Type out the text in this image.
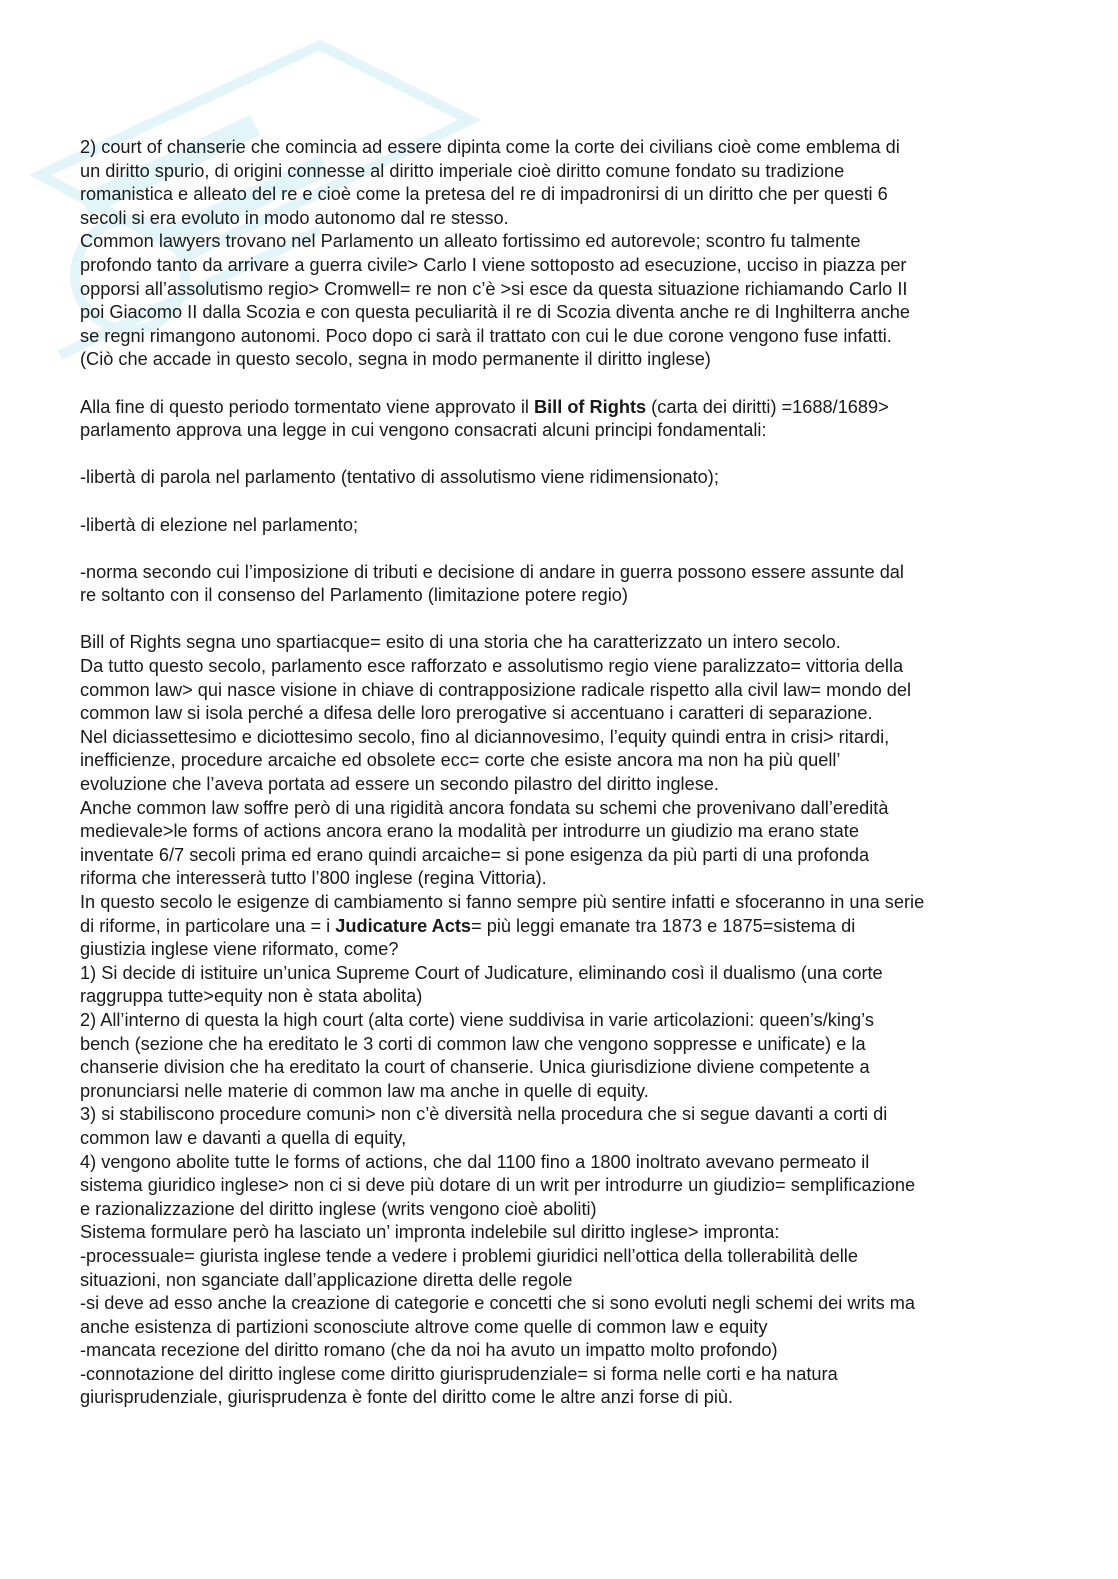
2) court of chanserie che comincia ad essere dipinta come la corte dei civilians cioè come emblema di
un diritto spurio, di origini connesse al diritto imperiale cioè diritto comune fondato su tradizione
romanistica e alleato del re e cioè come la pretesa del re di impadronirsi di un diritto che per questi 6
secoli si era evoluto in modo autonomo dal re stesso.
Common lawyers trovano nel Parlamento un alleato fortissimo ed autorevole; scontro fu talmente
profondo tanto da arrivare a guerra civile> Carlo I viene sottoposto ad esecuzione, ucciso in piazza per
opporsi all’assolutismo regio> Cromwell= re non c’è >si esce da questa situazione richiamando Carlo II
poi Giacomo II dalla Scozia e con questa peculiarità il re di Scozia diventa anche re di Inghilterra anche
se regni rimangono autonomi. Poco dopo ci sarà il trattato con cui le due corone vengono fuse infatti.
(Ciò che accade in questo secolo, segna in modo permanente il diritto inglese)
Alla fine di questo periodo tormentato viene approvato il Bill of Rights (carta dei diritti) =1688/1689>
parlamento approva una legge in cui vengono consacrati alcuni principi fondamentali:
-libertà di parola nel parlamento (tentativo di assolutismo viene ridimensionato);
-libertà di elezione nel parlamento;
-norma secondo cui l’imposizione di tributi e decisione di andare in guerra possono essere assunte dal
re soltanto con il consenso del Parlamento (limitazione potere regio)
Bill of Rights segna uno spartiacque= esito di una storia che ha caratterizzato un intero secolo.
Da tutto questo secolo, parlamento esce rafforzato e assolutismo regio viene paralizzato= vittoria della
common law> qui nasce visione in chiave di contrapposizione radicale rispetto alla civil law= mondo del
common law si isola perché a difesa delle loro prerogative si accentuano i caratteri di separazione.
Nel diciassettesimo e diciottesimo secolo, fino al diciannovesimo, l’equity quindi entra in crisi> ritardi,
inefficienze, procedure arcaiche ed obsolete ecc= corte che esiste ancora ma non ha più quell’
evoluzione che l’aveva portata ad essere un secondo pilastro del diritto inglese.
Anche common law soffre però di una rigidità ancora fondata su schemi che provenivano dall’eredità
medievale>le forms of actions ancora erano la modalità per introdurre un giudizio ma erano state
inventate 6/7 secoli prima ed erano quindi arcaiche= si pone esigenza da più parti di una profonda
riforma che interesserà tutto l’800 inglese (regina Vittoria).
In questo secolo le esigenze di cambiamento si fanno sempre più sentire infatti e sfoceranno in una serie
di riforme, in particolare una = i Judicature Acts= più leggi emanate tra 1873 e 1875=sistema di
giustizia inglese viene riformato, come?
1) Si decide di istituire un’unica Supreme Court of Judicature, eliminando così il dualismo (una corte
raggruppa tutte>equity non è stata abolita)
2) All’interno di questa la high court (alta corte) viene suddivisa in varie articolazioni: queen’s/king’s
bench (sezione che ha ereditato le 3 corti di common law che vengono soppresse e unificate) e la
chanserie division che ha ereditato la court of chanserie. Unica giurisdizione diviene competente a
pronunciarsi nelle materie di common law ma anche in quelle di equity.
3) si stabiliscono procedure comuni> non c’è diversità nella procedura che si segue davanti a corti di
common law e davanti a quella di equity,
4) vengono abolite tutte le forms of actions, che dal 1100 fino a 1800 inoltrato avevano permeato il
sistema giuridico inglese> non ci si deve più dotare di un writ per introdurre un giudizio= semplificazione
e razionalizzazione del diritto inglese (writs vengono cioè aboliti)
Sistema formulare però ha lasciato un’ impronta indelebile sul diritto inglese> impronta:
-processuale= giurista inglese tende a vedere i problemi giuridici nell’ottica della tollerabilità delle
situazioni, non sganciate dall’applicazione diretta delle regole
-si deve ad esso anche la creazione di categorie e concetti che si sono evoluti negli schemi dei writs ma
anche esistenza di partizioni sconosciute altrove come quelle di common law e equity
-mancata recezione del diritto romano (che da noi ha avuto un impatto molto profondo)
-connotazione del diritto inglese come diritto giurisprudenziale= si forma nelle corti e ha natura
giurisprudenziale, giurisprudenza è fonte del diritto come le altre anzi forse di più.
